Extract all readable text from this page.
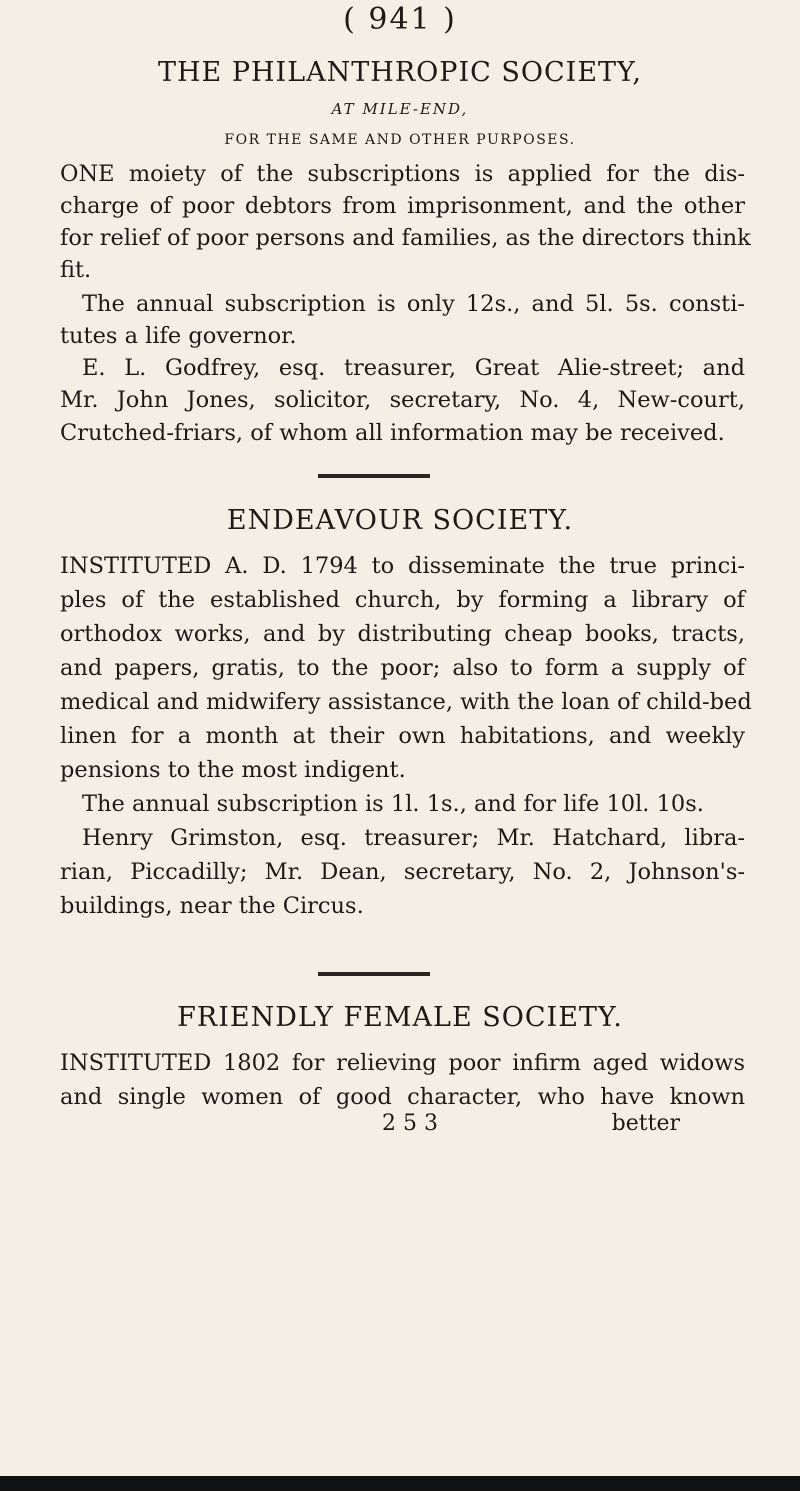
( 941 )
THE PHILANTHROPIC SOCIETY,
AT MILE-END,
FOR THE SAME AND OTHER PURPOSES.
ONE moiety of the subscriptions is applied for the dis-
charge of poor debtors from imprisonment, and the other
for relief of poor persons and families, as the directors think
fit.
The annual subscription is only 12s., and 5l. 5s. consti-
tutes a life governor.
E. L. Godfrey, esq. treasurer, Great Alie-street; and
Mr. John Jones, solicitor, secretary, No. 4, New-court,
Crutched-friars, of whom all information may be received.
ENDEAVOUR SOCIETY.
INSTITUTED A. D. 1794 to disseminate the true princi-
ples of the established church, by forming a library of
orthodox works, and by distributing cheap books, tracts,
and papers, gratis, to the poor; also to form a supply of
medical and midwifery assistance, with the loan of child-bed
linen for a month at their own habitations, and weekly
pensions to the most indigent.
The annual subscription is 1l. 1s., and for life 10l. 10s.
Henry Grimston, esq. treasurer; Mr. Hatchard, libra-
rian, Piccadilly; Mr. Dean, secretary, No. 2, Johnson's-
buildings, near the Circus.
FRIENDLY FEMALE SOCIETY.
INSTITUTED 1802 for relieving poor infirm aged widows
and single women of good character, who have known
2 5 3	better
